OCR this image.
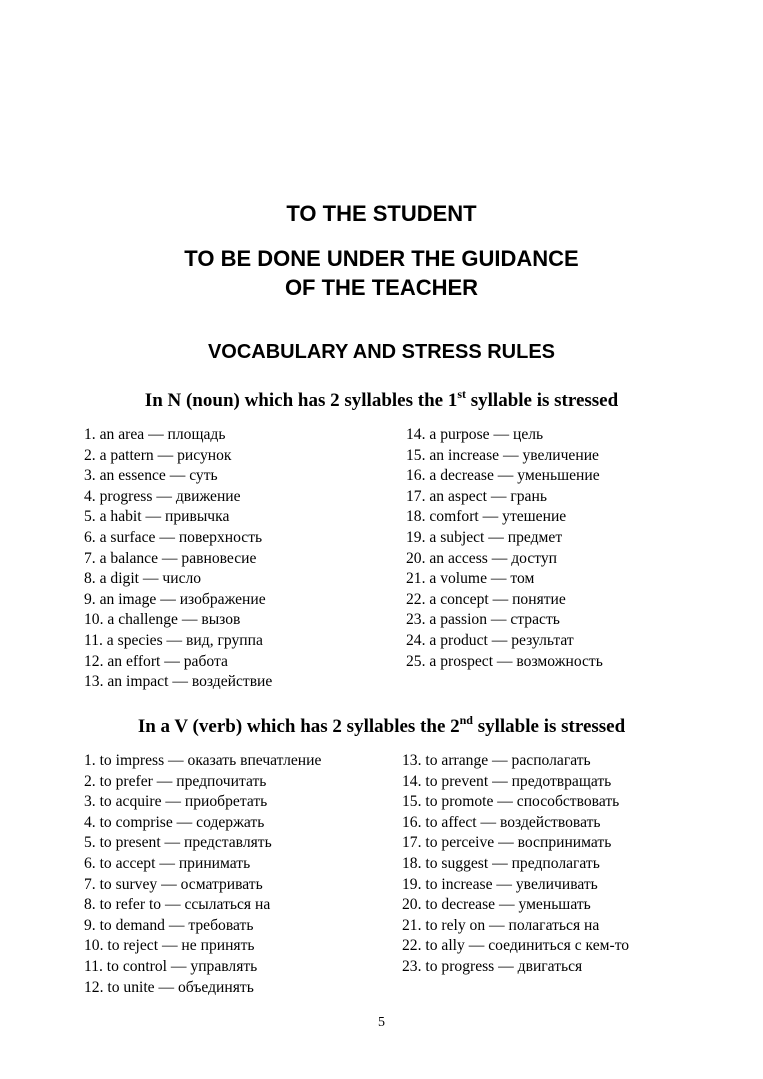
TO THE STUDENT
TO BE DONE UNDER THE GUIDANCE
OF THE TEACHER
VOCABULARY AND STRESS RULES
In N (noun) which has 2 syllables the 1st syllable is stressed
1. an area — площадь
2. a pattern — рисунок
3. an essence — суть
4. progress — движение
5. a habit — привычка
6. a surface — поверхность
7. a balance — равновесие
8. a digit — число
9. an image — изображение
10. a challenge — вызов
11. a species — вид, группа
12. an effort — работа
13. an impact — воздействие
14. a purpose — цель
15. an increase — увеличение
16. a decrease — уменьшение
17. an aspect — грань
18. comfort — утешение
19. a subject — предмет
20. an access — доступ
21. a volume — том
22. a concept — понятие
23. a passion — страсть
24. a product — результат
25. a prospect — возможность
In a V (verb) which has 2 syllables the 2nd syllable is stressed
1. to impress — оказать впечатление
2. to prefer — предпочитать
3. to acquire — приобретать
4. to comprise — содержать
5. to present — представлять
6. to accept — принимать
7. to survey — осматривать
8. to refer to — ссылаться на
9. to demand — требовать
10. to reject — не принять
11. to control — управлять
12. to unite — объединять
13. to arrange — располагать
14. to prevent — предотвращать
15. to promote — способствовать
16. to affect — воздействовать
17. to perceive — воспринимать
18. to suggest — предполагать
19. to increase — увеличивать
20. to decrease — уменьшать
21. to rely on — полагаться на
22. to ally — соединиться с кем-то
23. to progress — двигаться
5
